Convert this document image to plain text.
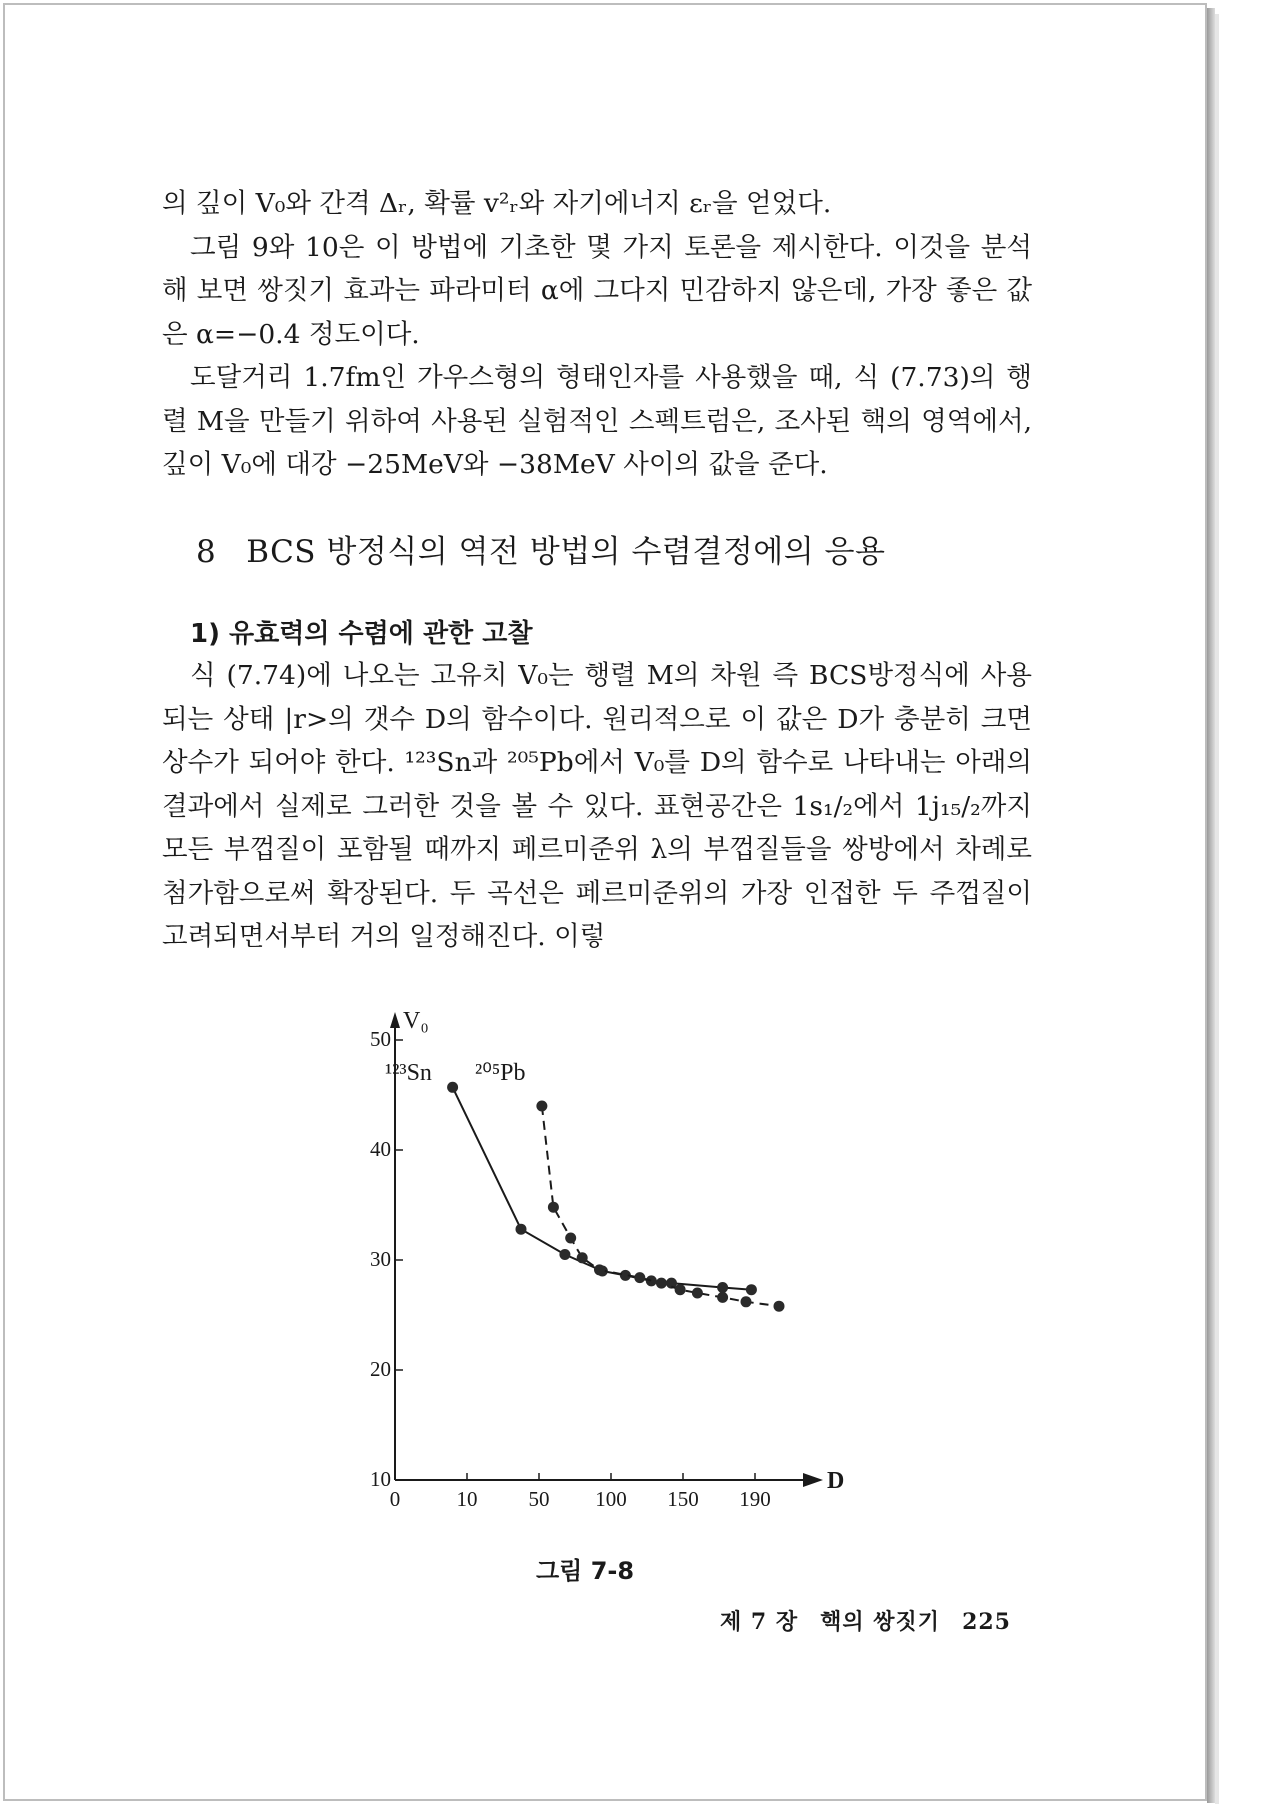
의 깊이 V₀와 간격 Δᵣ, 확률 v²ᵣ와 자기에너지 εᵣ을 얻었다.

그림 9와 10은 이 방법에 기초한 몇 가지 토론을 제시한다. 이것을 분석해 보면 쌍짓기 효과는 파라미터 α에 그다지 민감하지 않은데, 가장 좋은 값은 α=−0.4 정도이다.

도달거리 1.7fm인 가우스형의 형태인자를 사용했을 때, 식 (7.73)의 행렬 M을 만들기 위하여 사용된 실험적인 스펙트럼은, 조사된 핵의 영역에서, 깊이 V₀에 대강 −25MeV와 −38MeV 사이의 값을 준다.

8 BCS 방정식의 역전 방법의 수렴결정에의 응용
1) 유효력의 수렴에 관한 고찰

식 (7.74)에 나오는 고유치 V₀는 행렬 M의 차원 즉 BCS방정식에 사용되는 상태 |r>의 갯수 D의 함수이다. 원리적으로 이 값은 D가 충분히 크면 상수가 되어야 한다. ¹²³Sn과 ²⁰⁵Pb에서 V₀를 D의 함수로 나타내는 아래의 결과에서 실제로 그러한 것을 볼 수 있다. 표현공간은 1s₁/₂에서 1j₁₅/₂까지 모든 부껍질이 포함될 때까지 페르미준위 λ의 부껍질들을 쌍방에서 차례로 첨가함으로써 확장된다. 두 곡선은 페르미준위의 가장 인접한 두 주껍질이 고려되면서부터 거의 일정해진다. 이렇

V₀
D
10
20
30
40
50
0	10 50 100 150 190
¹²³Sn ²⁰⁵Pb
그림 7-8
제 7 장 핵의 쌍짓기 225
